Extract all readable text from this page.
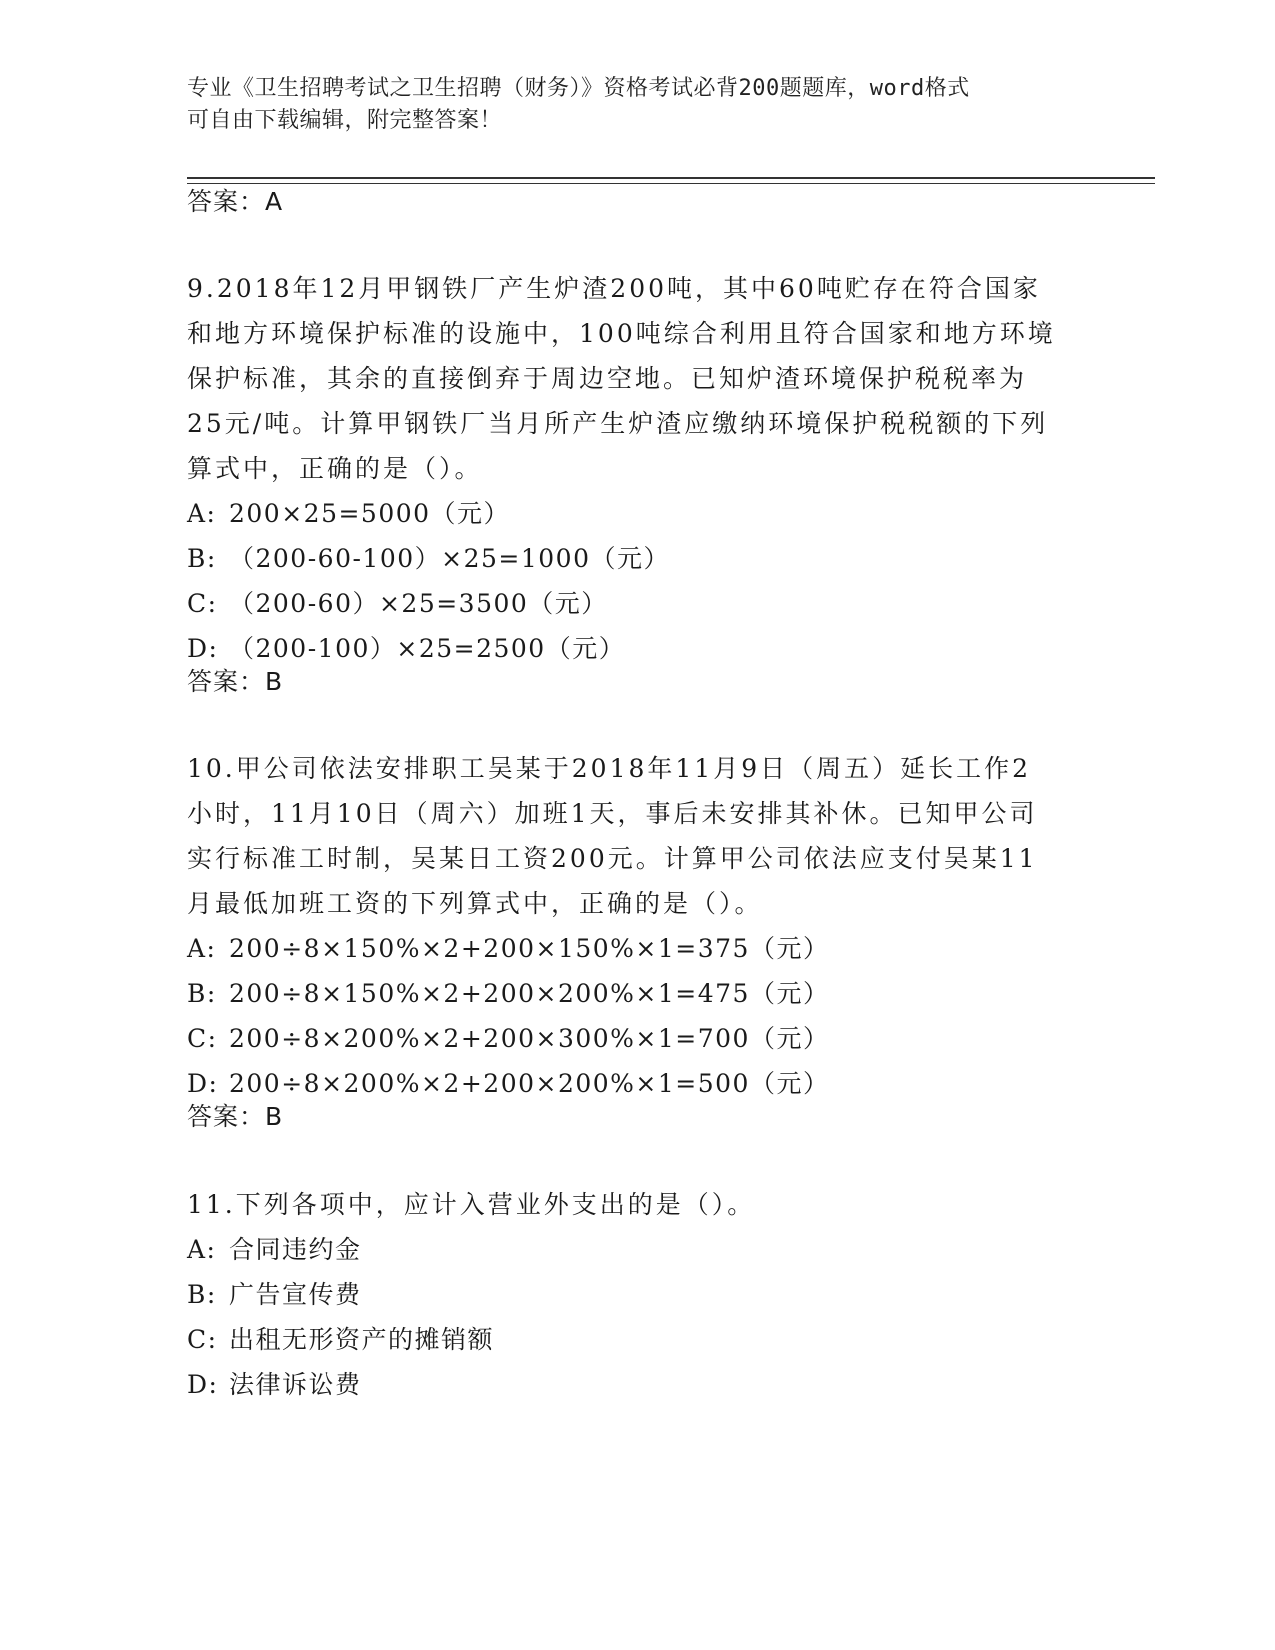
专业《卫生招聘考试之卫生招聘（财务）》资格考试必背200题题库，word格式
可自由下载编辑，附完整答案！
答案：A

9.2018年12月甲钢铁厂产生炉渣200吨，其中60吨贮存在符合国家

和地方环境保护标准的设施中，100吨综合利用且符合国家和地方环境

保护标准，其余的直接倒弃于周边空地。已知炉渣环境保护税税率为

25元/吨。计算甲钢铁厂当月所产生炉渣应缴纳环境保护税税额的下列

算式中，正确的是（）。

A: 200×25=5000（元）

B: （200-60-100）×25=1000（元）

C: （200-60）×25=3500（元）

D: （200-100）×25=2500（元）

答案：B

10.甲公司依法安排职工吴某于2018年11月9日（周五）延长工作2

小时，11月10日（周六）加班1天，事后未安排其补休。已知甲公司

实行标准工时制，吴某日工资200元。计算甲公司依法应支付吴某11

月最低加班工资的下列算式中，正确的是（）。

A: 200÷8×150%×2+200×150%×1=375（元）

B: 200÷8×150%×2+200×200%×1=475（元）

C: 200÷8×200%×2+200×300%×1=700（元）

D: 200÷8×200%×2+200×200%×1=500（元）

答案：B

11.下列各项中，应计入营业外支出的是（）。

A: 合同违约金

B: 广告宣传费

C: 出租无形资产的摊销额

D: 法律诉讼费
